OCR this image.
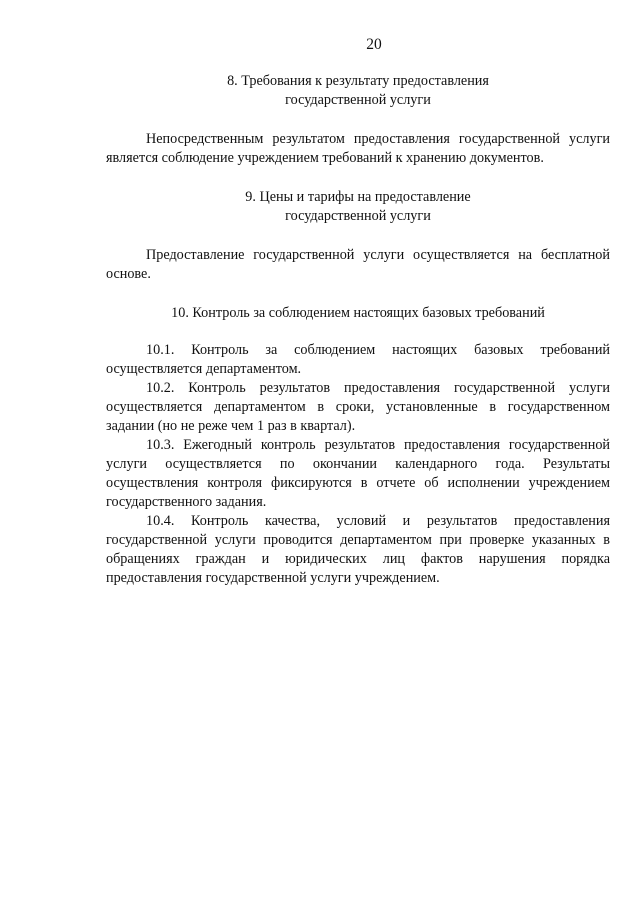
20
8. Требования к результату предоставления
государственной услуги

Непосредственным результатом предоставления государственной услуги является соблюдение учреждением требований к хранению документов.

9. Цены и тарифы на предоставление
государственной услуги

Предоставление государственной услуги осуществляется на бесплатной основе.

10. Контроль за соблюдением настоящих базовых требований

10.1. Контроль за соблюдением настоящих базовых требований осуществляется департаментом.

10.2. Контроль результатов предоставления государственной услуги осуществляется департаментом в сроки, установленные в государственном задании (но не реже чем 1 раз в квартал).

10.3. Ежегодный контроль результатов предоставления государственной услуги осуществляется по окончании календарного года. Результаты осуществления контроля фиксируются в отчете об исполнении учреждением государственного задания.

10.4. Контроль качества, условий и результатов предоставления государственной услуги проводится департаментом при проверке указанных в обращениях граждан и юридических лиц фактов нарушения порядка предоставления государственной услуги учреждением.
